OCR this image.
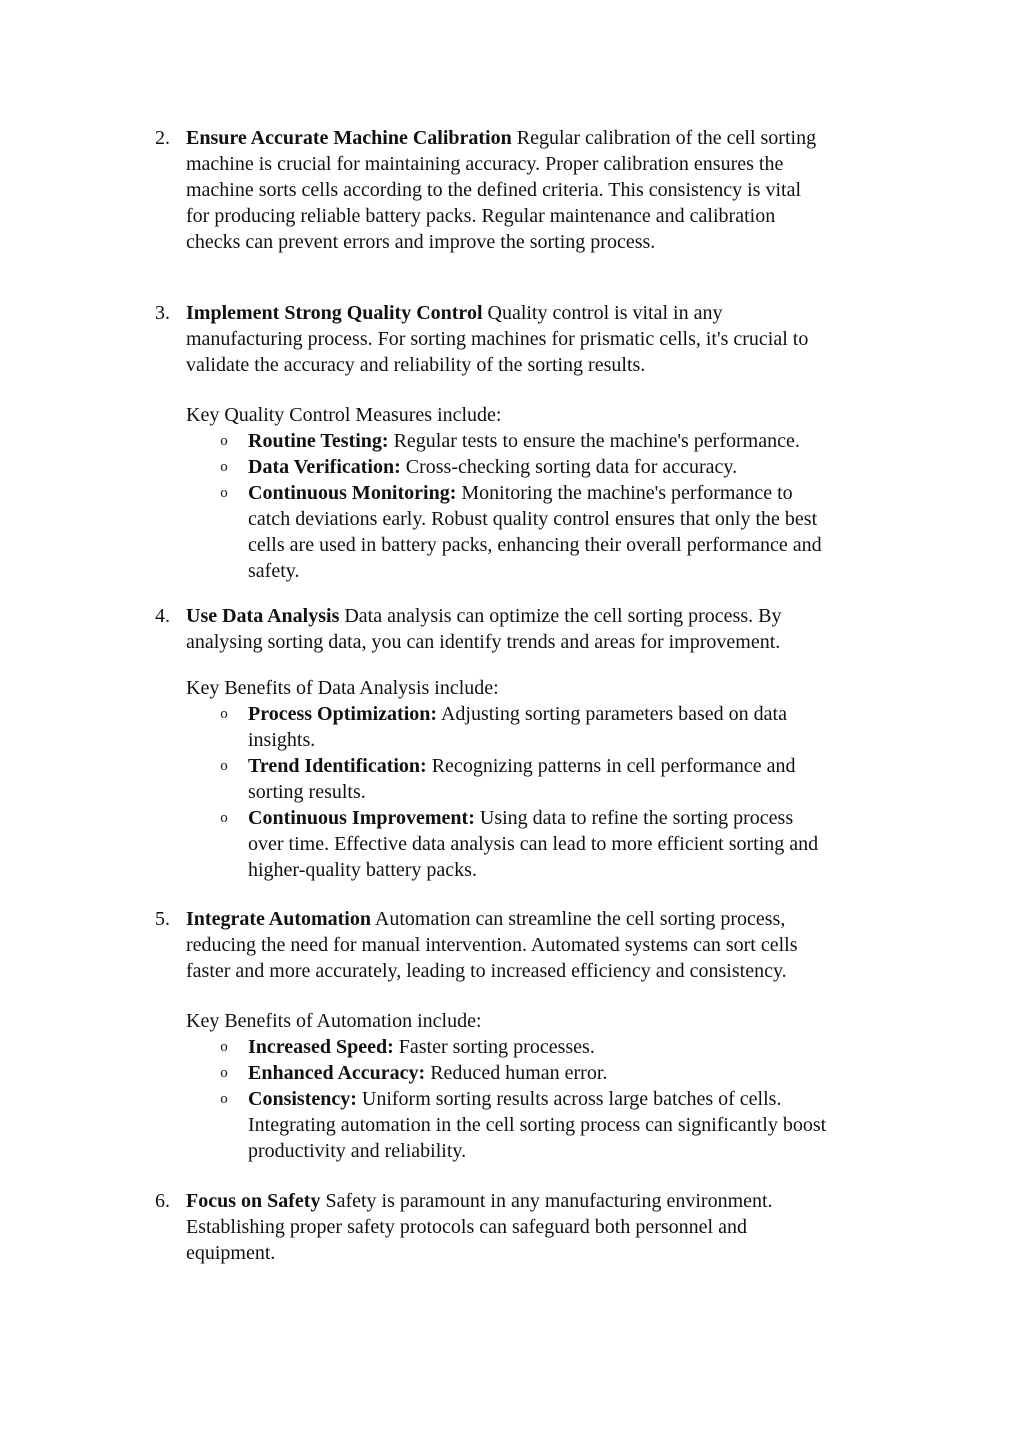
2. Ensure Accurate Machine Calibration Regular calibration of the cell sorting
machine is crucial for maintaining accuracy. Proper calibration ensures the
machine sorts cells according to the defined criteria. This consistency is vital
for producing reliable battery packs. Regular maintenance and calibration
checks can prevent errors and improve the sorting process.
3. Implement Strong Quality Control Quality control is vital in any
manufacturing process. For sorting machines for prismatic cells, it's crucial to
validate the accuracy and reliability of the sorting results.
Key Quality Control Measures include:
o Routine Testing: Regular tests to ensure the machine's performance.
o Data Verification: Cross-checking sorting data for accuracy.
o Continuous Monitoring: Monitoring the machine's performance to
catch deviations early. Robust quality control ensures that only the best
cells are used in battery packs, enhancing their overall performance and
safety.
4. Use Data Analysis Data analysis can optimize the cell sorting process. By
analysing sorting data, you can identify trends and areas for improvement.
Key Benefits of Data Analysis include:
o Process Optimization: Adjusting sorting parameters based on data
insights.
o Trend Identification: Recognizing patterns in cell performance and
sorting results.
o Continuous Improvement: Using data to refine the sorting process
over time. Effective data analysis can lead to more efficient sorting and
higher-quality battery packs.
5. Integrate Automation Automation can streamline the cell sorting process,
reducing the need for manual intervention. Automated systems can sort cells
faster and more accurately, leading to increased efficiency and consistency.
Key Benefits of Automation include:
o Increased Speed: Faster sorting processes.
o Enhanced Accuracy: Reduced human error.
o Consistency: Uniform sorting results across large batches of cells.
Integrating automation in the cell sorting process can significantly boost
productivity and reliability.
6. Focus on Safety Safety is paramount in any manufacturing environment.
Establishing proper safety protocols can safeguard both personnel and
equipment.
